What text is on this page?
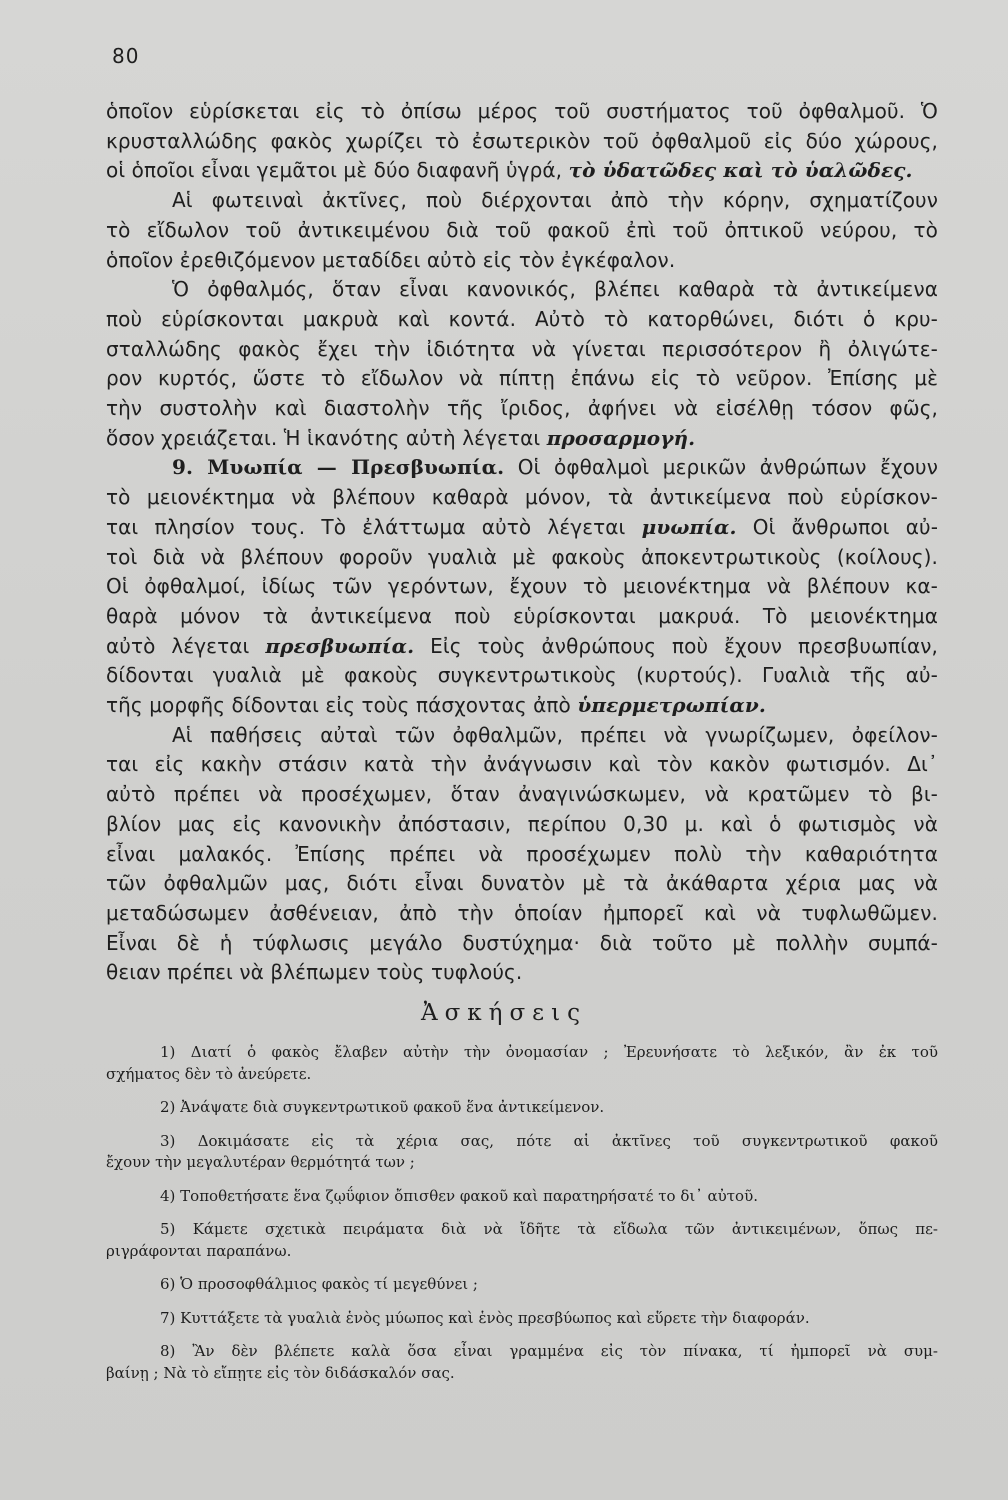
80
ὁποῖον εὑρίσκεται εἰς τὸ ὀπίσω μέρος τοῦ συστήματος τοῦ ὀφθαλμοῦ. Ὁ
κρυσταλλώδης φακὸς χωρίζει τὸ ἐσωτερικὸν τοῦ ὀφθαλμοῦ εἰς δύο χώρους,
οἱ ὁποῖοι εἶναι γεμᾶτοι μὲ δύο διαφανῆ ὑγρά, τὸ ὑδατῶδες καὶ τὸ ὑαλῶδες.
Αἱ φωτειναὶ ἀκτῖνες, ποὺ διέρχονται ἀπὸ τὴν κόρην, σχηματίζουν
τὸ εἴδωλον τοῦ ἀντικειμένου διὰ τοῦ φακοῦ ἐπὶ τοῦ ὀπτικοῦ νεύρου, τὸ
ὁποῖον ἐρεθιζόμενον μεταδίδει αὐτὸ εἰς τὸν ἐγκέφαλον.
Ὁ ὀφθαλμός, ὅταν εἶναι κανονικός, βλέπει καθαρὰ τὰ ἀντικείμενα
ποὺ εὑρίσκονται μακρυὰ καὶ κοντά. Αὐτὸ τὸ κατορθώνει, διότι ὁ κρυ-
σταλλώδης φακὸς ἔχει τὴν ἰδιότητα νὰ γίνεται περισσότερον ἢ ὀλιγώτε-
ρον κυρτός, ὥστε τὸ εἴδωλον νὰ πίπτῃ ἐπάνω εἰς τὸ νεῦρον. Ἐπίσης μὲ
τὴν συστολὴν καὶ διαστολὴν τῆς ἴριδος, ἀφήνει νὰ εἰσέλθῃ τόσον φῶς,
ὅσον χρειάζεται. Ἡ ἱκανότης αὐτὴ λέγεται προσαρμογή.
9. Μυωπία — Πρεσβυωπία. Οἱ ὀφθαλμοὶ μερικῶν ἀνθρώπων ἔχουν
τὸ μειονέκτημα νὰ βλέπουν καθαρὰ μόνον, τὰ ἀντικείμενα ποὺ εὑρίσκον-
ται πλησίον τους. Τὸ ἐλάττωμα αὐτὸ λέγεται μυωπία. Οἱ ἄνθρωποι αὐ-
τοὶ διὰ νὰ βλέπουν φοροῦν γυαλιὰ μὲ φακοὺς ἀποκεντρωτικοὺς (κοίλους).
Οἱ ὀφθαλμοί, ἰδίως τῶν γερόντων, ἔχουν τὸ μειονέκτημα νὰ βλέπουν κα-
θαρὰ μόνον τὰ ἀντικείμενα ποὺ εὑρίσκονται μακρυά. Τὸ μειονέκτημα
αὐτὸ λέγεται πρεσβυωπία. Εἰς τοὺς ἀνθρώπους ποὺ ἔχουν πρεσβυωπίαν,
δίδονται γυαλιὰ μὲ φακοὺς συγκεντρωτικοὺς (κυρτούς). Γυαλιὰ τῆς αὐ-
τῆς μορφῆς δίδονται εἰς τοὺς πάσχοντας ἀπὸ ὑπερμετρωπίαν.
Αἱ παθήσεις αὐταὶ τῶν ὀφθαλμῶν, πρέπει νὰ γνωρίζωμεν, ὀφείλον-
ται εἰς κακὴν στάσιν κατὰ τὴν ἀνάγνωσιν καὶ τὸν κακὸν φωτισμόν. Δι᾽
αὐτὸ πρέπει νὰ προσέχωμεν, ὅταν ἀναγινώσκωμεν, νὰ κρατῶμεν τὸ βι-
βλίον μας εἰς κανονικὴν ἀπόστασιν, περίπου 0,30 μ. καὶ ὁ φωτισμὸς νὰ
εἶναι μαλακός. Ἐπίσης πρέπει νὰ προσέχωμεν πολὺ τὴν καθαριότητα
τῶν ὀφθαλμῶν μας, διότι εἶναι δυνατὸν μὲ τὰ ἀκάθαρτα χέρια μας νὰ
μεταδώσωμεν ἀσθένειαν, ἀπὸ τὴν ὁποίαν ἠμπορεῖ καὶ νὰ τυφλωθῶμεν.
Εἶναι δὲ ἡ τύφλωσις μεγάλο δυστύχημα· διὰ τοῦτο μὲ πολλὴν συμπά-
θειαν πρέπει νὰ βλέπωμεν τοὺς τυφλούς.
Ἀσκήσεις
1) Διατί ὁ φακὸς ἔλαβεν αὐτὴν τὴν ὀνομασίαν ; Ἐρευνήσατε τὸ λεξικόν, ἂν ἐκ τοῦ
σχήματος δὲν τὸ ἀνεύρετε.
2) Ἀνάψατε διὰ συγκεντρωτικοῦ φακοῦ ἕνα ἀντικείμενον.
3) Δοκιμάσατε εἰς τὰ χέρια σας, πότε αἱ ἀκτῖνες τοῦ συγκεντρωτικοῦ φακοῦ
ἔχουν τὴν μεγαλυτέραν θερμότητά των ;
4) Τοποθετήσατε ἕνα ζῳΰφιον ὄπισθεν φακοῦ καὶ παρατηρήσατέ το δι᾽ αὐτοῦ.
5) Κάμετε σχετικὰ πειράματα διὰ νὰ ἴδῆτε τὰ εἴδωλα τῶν ἀντικειμένων, ὅπως πε-
ριγράφονται παραπάνω.
6) Ὁ προσοφθάλμιος φακὸς τί μεγεθύνει ;
7) Κυττάξετε τὰ γυαλιὰ ἑνὸς μύωπος καὶ ἑνὸς πρεσβύωπος καὶ εὕρετε τὴν διαφοράν.
8) Ἂν δὲν βλέπετε καλὰ ὅσα εἶναι γραμμένα εἰς τὸν πίνακα, τί ἠμπορεῖ νὰ συμ-
βαίνῃ ; Νὰ τὸ εἴπῃτε εἰς τὸν διδάσκαλόν σας.
